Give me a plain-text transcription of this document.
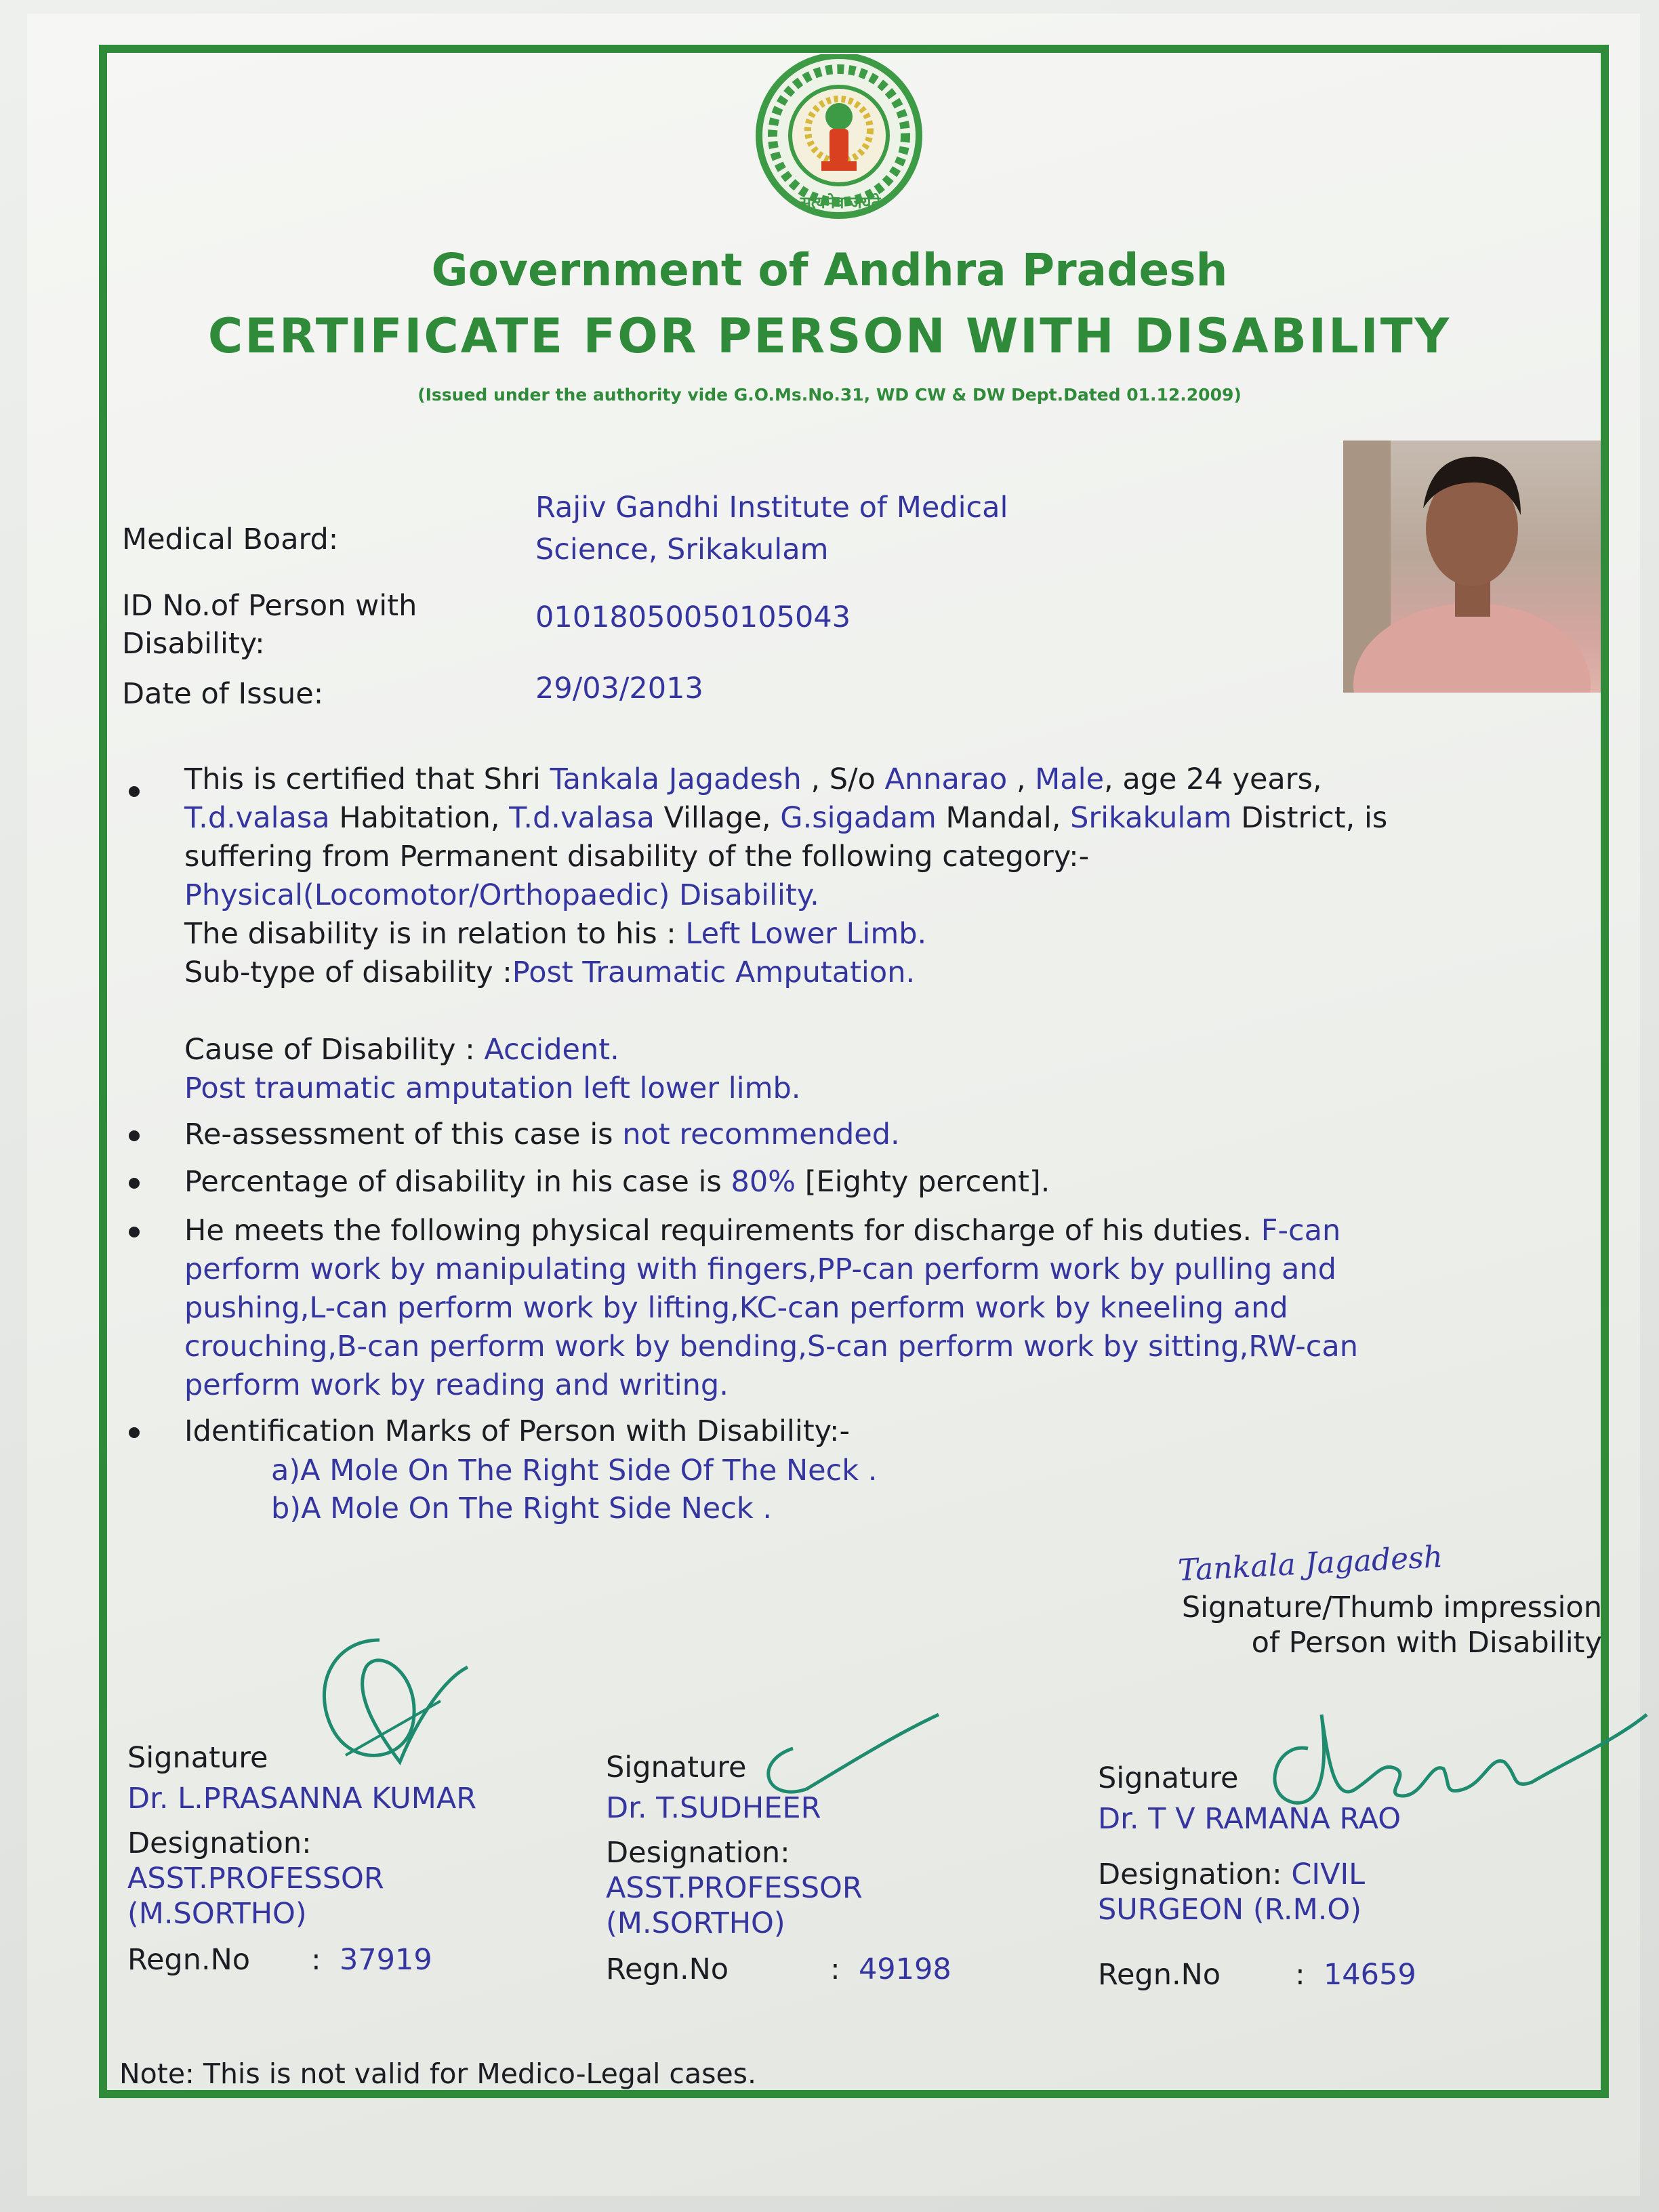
सत्यमेव जयते
Government of Andhra Pradesh
CERTIFICATE FOR PERSON WITH DISABILITY
(Issued under the authority vide G.O.Ms.No.31, WD CW & DW Dept.Dated 01.12.2009)
Medical Board:
Rajiv Gandhi Institute of Medical
Science, Srikakulam
ID No.of Person with
Disability:
01018050050105043
Date of Issue:	29/03/2013
This is certified that Shri Tankala Jagadesh , S/o Annarao , Male, age 24 years,
T.d.valasa Habitation, T.d.valasa Village, G.sigadam Mandal, Srikakulam District, is
suffering from Permanent disability of the following category:-
Physical(Locomotor/Orthopaedic) Disability.
The disability is in relation to his : Left Lower Limb.
Sub-type of disability :Post Traumatic Amputation.
Cause of Disability : Accident.
Post traumatic amputation left lower limb.
Re-assessment of this case is not recommended.
Percentage of disability in his case is 80% [Eighty percent].
He meets the following physical requirements for discharge of his duties. F-can
perform work by manipulating with fingers,PP-can perform work by pulling and
pushing,L-can perform work by lifting,KC-can perform work by kneeling and
crouching,B-can perform work by bending,S-can perform work by sitting,RW-can
perform work by reading and writing.
Identification Marks of Person with Disability:-
a)A Mole On The Right Side Of The Neck .
b)A Mole On The Right Side Neck .
Tankala Jagadesh
Signature/Thumb impression
of Person with Disability
Signature
Dr. L.PRASANNA KUMAR
Designation:
ASST.PROFESSOR
(M.SORTHO)
Regn.No : 37919
Signature
Dr. T.SUDHEER
Designation:
ASST.PROFESSOR
(M.SORTHO)
Regn.No	: 49198
Signature
Dr. T V RAMANA RAO
Designation: CIVIL
SURGEON (R.M.O)
Regn.No	: 14659
Note: This is not valid for Medico-Legal cases.
